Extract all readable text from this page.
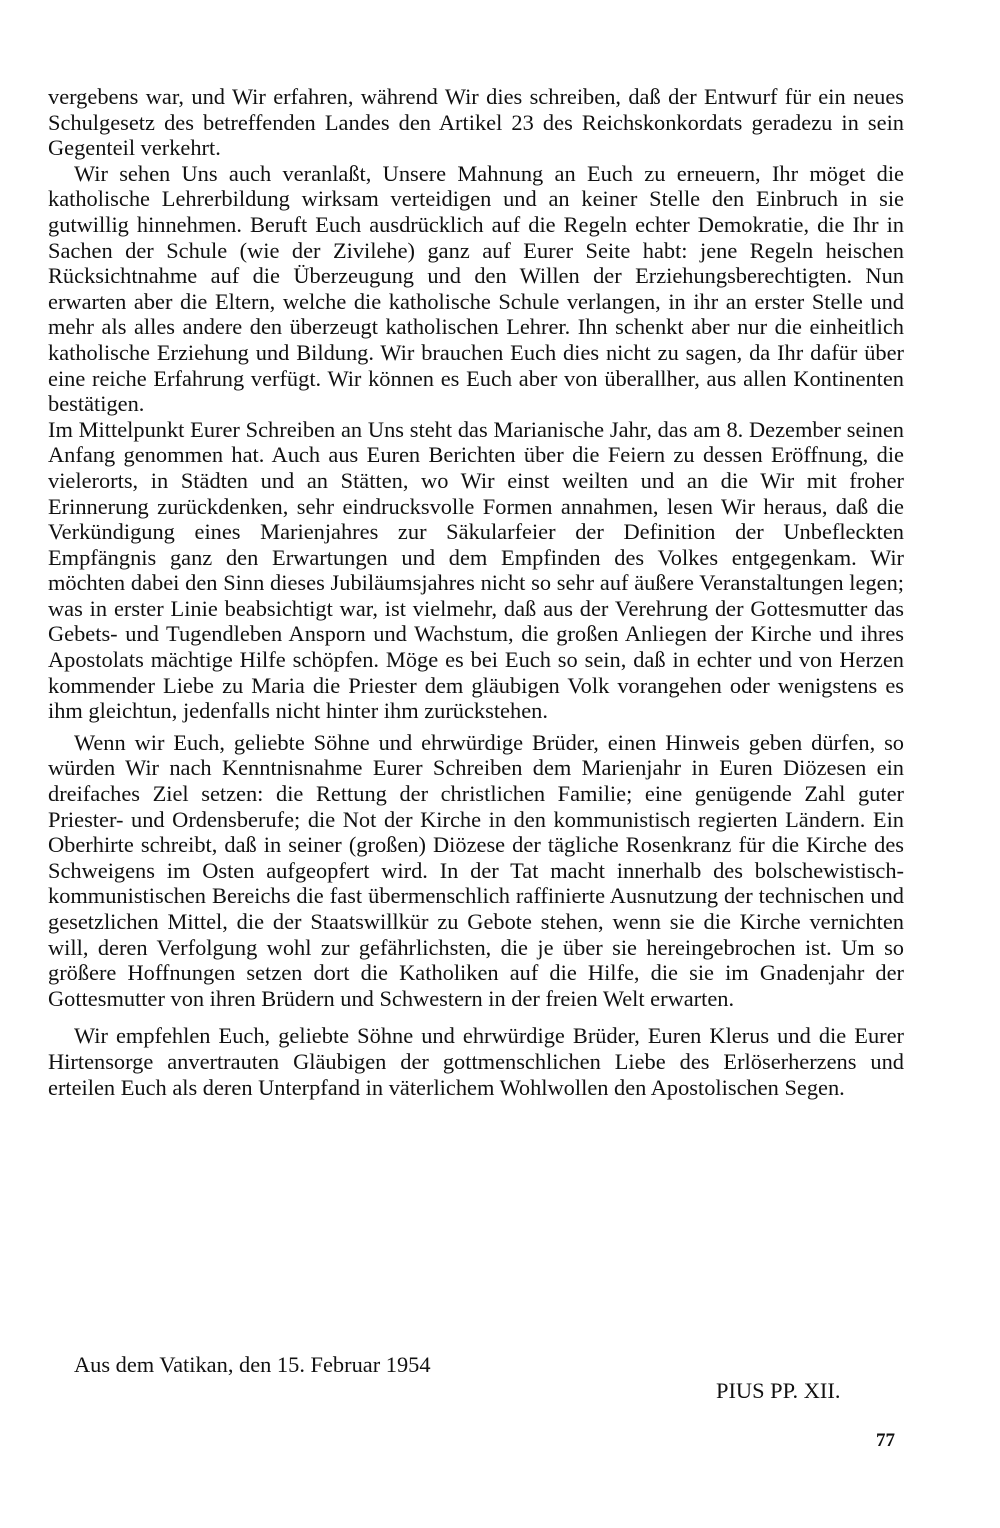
vergebens war, und Wir erfahren, während Wir dies schreiben, daß der Entwurf für ein neues Schulgesetz des betreffenden Landes den Artikel 23 des Reichskonkordats geradezu in sein Gegenteil verkehrt.

Wir sehen Uns auch veranlaßt, Unsere Mahnung an Euch zu erneuern, Ihr möget die katholische Lehrerbildung wirksam verteidigen und an keiner Stelle den Einbruch in sie gutwillig hinnehmen. Beruft Euch ausdrücklich auf die Regeln echter Demokratie, die Ihr in Sachen der Schule (wie der Zivilehe) ganz auf Eurer Seite habt: jene Regeln heischen Rücksichtnahme auf die Überzeugung und den Willen der Erziehungsberechtigten. Nun erwarten aber die Eltern, welche die katholische Schule verlangen, in ihr an erster Stelle und mehr als alles andere den überzeugt katholischen Lehrer. Ihn schenkt aber nur die einheitlich katholische Erziehung und Bildung. Wir brauchen Euch dies nicht zu sagen, da Ihr dafür über eine reiche Erfahrung verfügt. Wir können es Euch aber von überallher, aus allen Kontinenten bestätigen.

Im Mittelpunkt Eurer Schreiben an Uns steht das Marianische Jahr, das am 8. Dezember seinen Anfang genommen hat. Auch aus Euren Berichten über die Feiern zu dessen Eröffnung, die vielerorts, in Städten und an Stätten, wo Wir einst weilten und an die Wir mit froher Erinnerung zurückdenken, sehr eindrucksvolle Formen annahmen, lesen Wir heraus, daß die Verkündigung eines Marienjahres zur Säkularfeier der Definition der Unbefleckten Empfängnis ganz den Erwartungen und dem Empfinden des Volkes entgegenkam. Wir möchten dabei den Sinn dieses Jubiläumsjahres nicht so sehr auf äußere Veranstaltungen legen; was in erster Linie beabsichtigt war, ist vielmehr, daß aus der Verehrung der Gottesmutter das Gebets- und Tugendleben Ansporn und Wachstum, die großen Anliegen der Kirche und ihres Apostolats mächtige Hilfe schöpfen. Möge es bei Euch so sein, daß in echter und von Herzen kommender Liebe zu Maria die Priester dem gläubigen Volk vorangehen oder wenigstens es ihm gleichtun, jedenfalls nicht hinter ihm zurückstehen.

Wenn wir Euch, geliebte Söhne und ehrwürdige Brüder, einen Hinweis geben dürfen, so würden Wir nach Kenntnisnahme Eurer Schreiben dem Marienjahr in Euren Diözesen ein dreifaches Ziel setzen: die Rettung der christlichen Familie; eine genügende Zahl guter Priester- und Ordensberufe; die Not der Kirche in den kommunistisch regierten Ländern. Ein Oberhirte schreibt, daß in seiner (großen) Diözese der tägliche Rosenkranz für die Kirche des Schweigens im Osten aufgeopfert wird. In der Tat macht innerhalb des bolschewistisch-kommunistischen Bereichs die fast übermenschlich raffinierte Ausnutzung der technischen und gesetzlichen Mittel, die der Staatswillkür zu Gebote stehen, wenn sie die Kirche vernichten will, deren Verfolgung wohl zur gefährlichsten, die je über sie hereingebrochen ist. Um so größere Hoffnungen setzen dort die Katholiken auf die Hilfe, die sie im Gnadenjahr der Gottesmutter von ihren Brüdern und Schwestern in der freien Welt erwarten.

Wir empfehlen Euch, geliebte Söhne und ehrwürdige Brüder, Euren Klerus und die Eurer Hirtensorge anvertrauten Gläubigen der gottmenschlichen Liebe des Erlöserherzens und erteilen Euch als deren Unterpfand in väterlichem Wohlwollen den Apostolischen Segen.

Aus dem Vatikan, den 15. Februar 1954

PIUS PP. XII.

77
